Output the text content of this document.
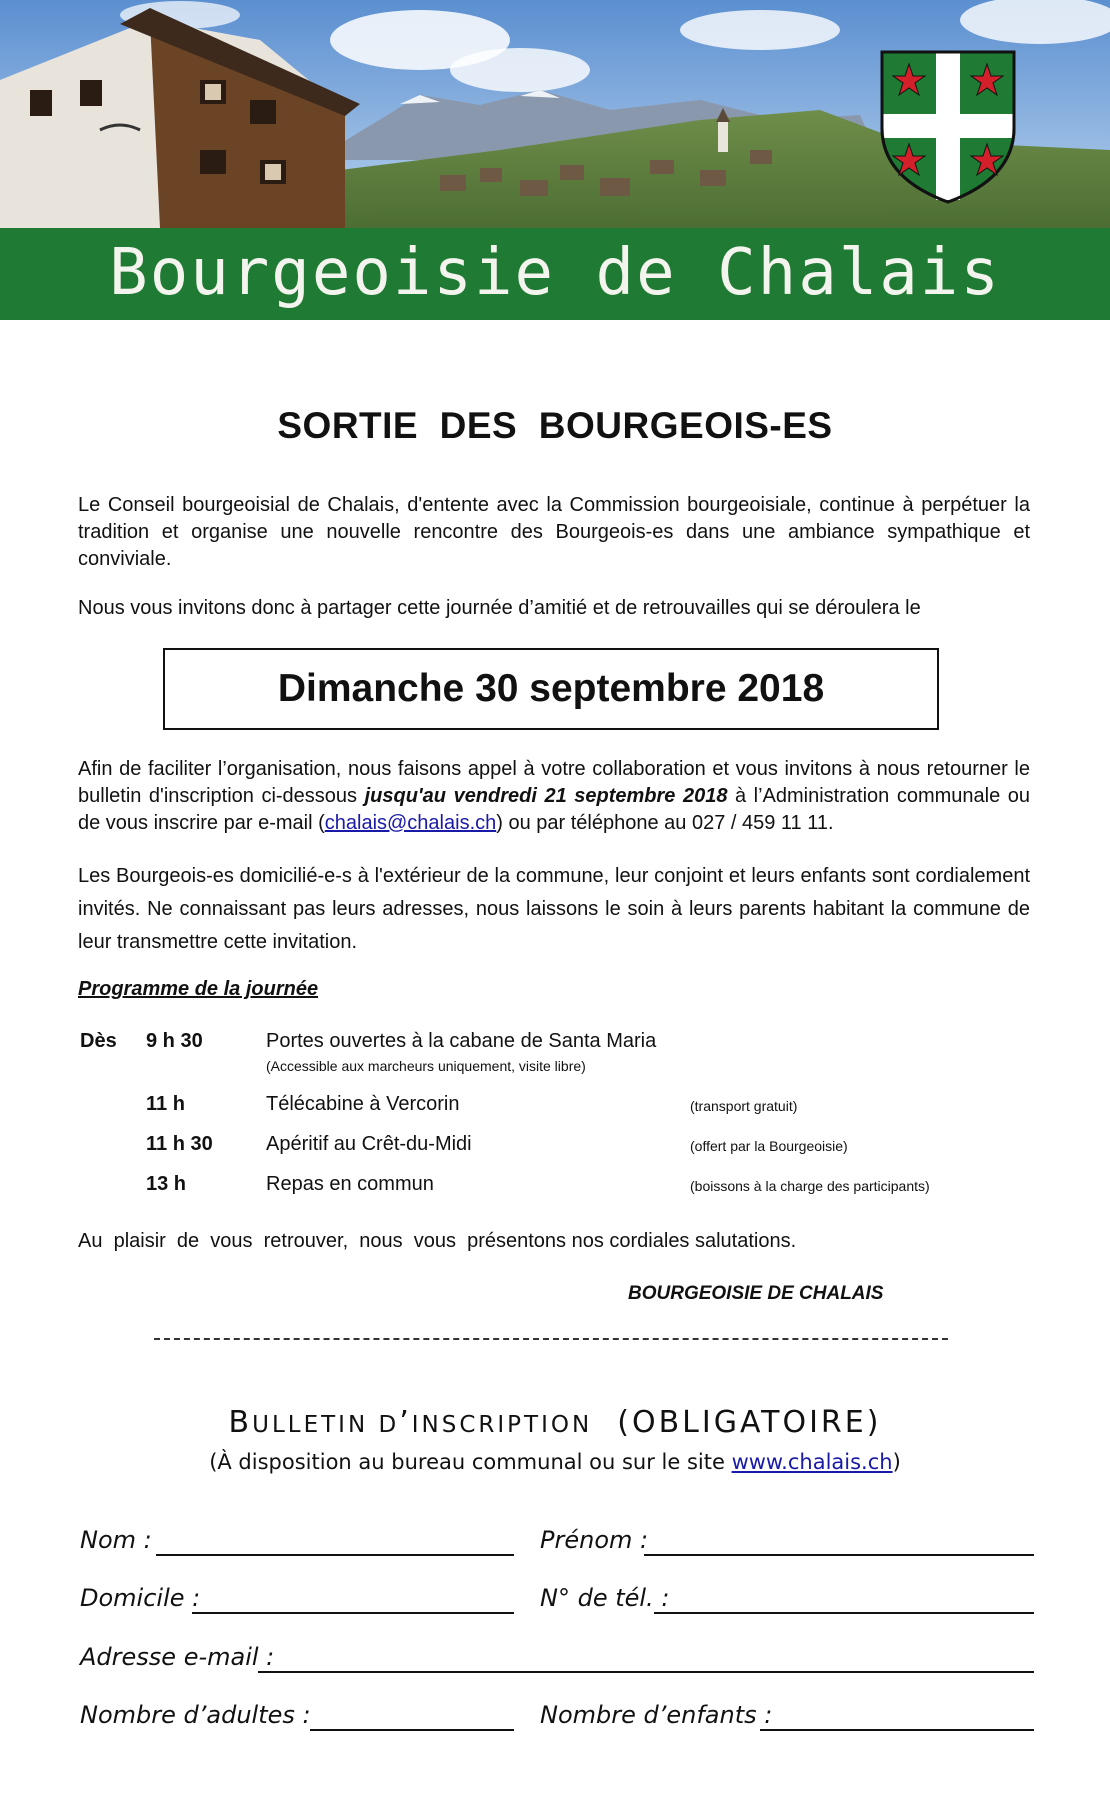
Bourgeoisie de Chalais
SORTIE  DES  BOURGEOIS-ES
Le Conseil bourgeoisial de Chalais, d'entente avec la Commission bourgeoisiale, continue à perpétuer la tradition et organise une nouvelle rencontre des Bourgeois-es dans une ambiance sympathique et conviviale.
Nous vous invitons donc à partager cette journée d’amitié et de retrouvailles qui se déroulera le
Dimanche 30 septembre 2018
Afin de faciliter l’organisation, nous faisons appel à votre collaboration et vous invitons à nous retourner le bulletin d'inscription ci-dessous jusqu'au vendredi 21 septembre 2018 à l’Administration communale ou de vous inscrire par e-mail (chalais@chalais.ch) ou par téléphone au 027 / 459 11 11.
Les Bourgeois-es domicilié-e-s à l'extérieur de la commune, leur conjoint et leurs enfants sont cordialement invités. Ne connaissant pas leurs adresses, nous laissons le soin à leurs parents habitant la commune de leur transmettre cette invitation.
Programme de la journée
Dès 9 h 30	Portes ouvertes à la cabane de Santa Maria
(Accessible aux marcheurs uniquement, visite libre)
11 h	Télécabine à Vercorin	(transport gratuit)
11 h 30	Apéritif au Crêt-du-Midi	(offert par la Bourgeoisie)
13 h	Repas en commun	(boissons à la charge des participants)
Au  plaisir  de  vous  retrouver,  nous  vous  présentons nos cordiales salutations.
BOURGEOISIE DE CHALAIS
BULLETIN D’INSCRIPTION (OBLIGATOIRE)
(À disposition au bureau communal ou sur le site www.chalais.ch)
Nom :	Prénom :
Domicile :	N° de tél. :
Adresse e-mail :
Nombre d’adultes :	Nombre d’enfants :
